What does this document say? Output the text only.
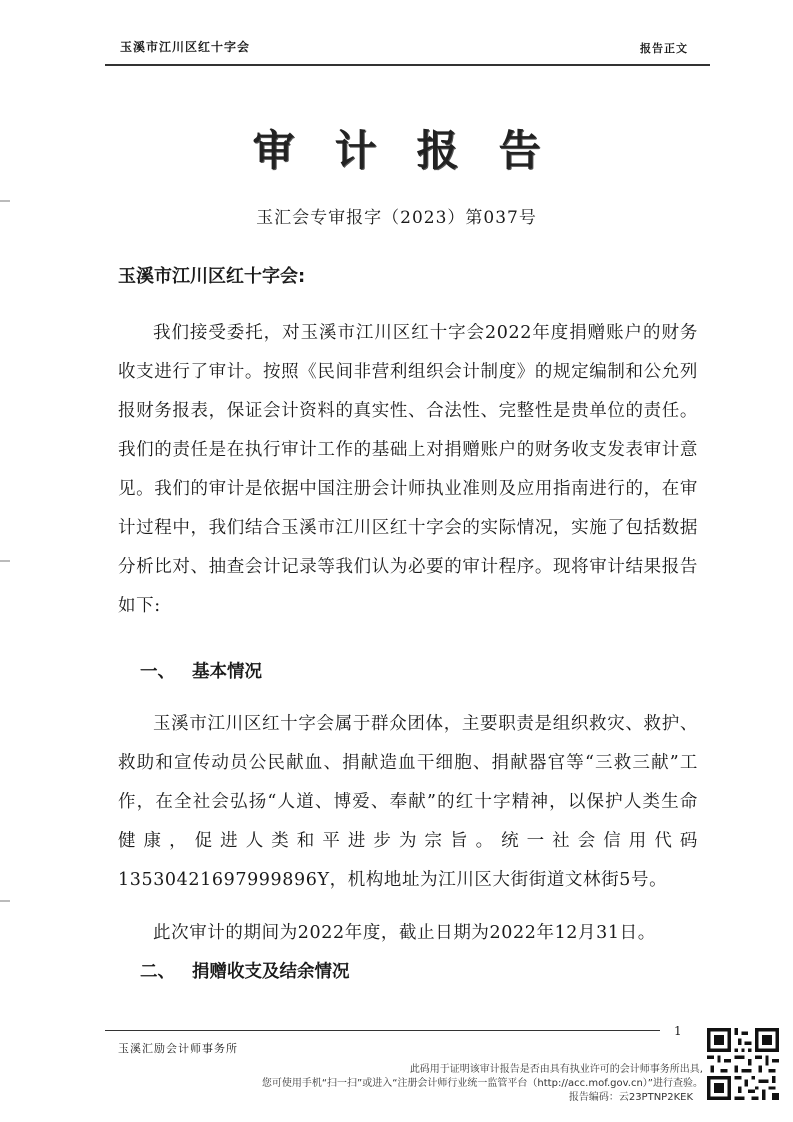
玉溪市江川区红十字会	报告正文
审计报告
玉汇会专审报字（2023）第037号
玉溪市江川区红十字会:
我们接受委托，对玉溪市江川区红十字会2022年度捐赠账户的财务收支进行了审计。按照《民间非营利组织会计制度》的规定编制和公允列报财务报表，保证会计资料的真实性、合法性、完整性是贵单位的责任。我们的责任是在执行审计工作的基础上对捐赠账户的财务收支发表审计意见。我们的审计是依据中国注册会计师执业准则及应用指南进行的，在审计过程中，我们结合玉溪市江川区红十字会的实际情况，实施了包括数据分析比对、抽查会计记录等我们认为必要的审计程序。现将审计结果报告如下:
一、 基本情况
玉溪市江川区红十字会属于群众团体，主要职责是组织救灾、救护、救助和宣传动员公民献血、捐献造血干细胞、捐献器官等“三救三献”工作，在全社会弘扬“人道、博爱、奉献”的红十字精神，以保护人类生命健康，促进人类和平进步为宗旨。统一社会信用代码13530421697999896Y，机构地址为江川区大街街道文林街5号。
此次审计的期间为2022年度，截止日期为2022年12月31日。
二、 捐赠收支及结余情况
1
玉溪汇励会计师事务所
此码用于证明该审计报告是否由具有执业许可的会计师事务所出具,
您可使用手机“扫一扫”或进入“注册会计师行业统一监管平台（http://acc.mof.gov.cn）”进行查验。
报告编码：云23PTNP2KEK
